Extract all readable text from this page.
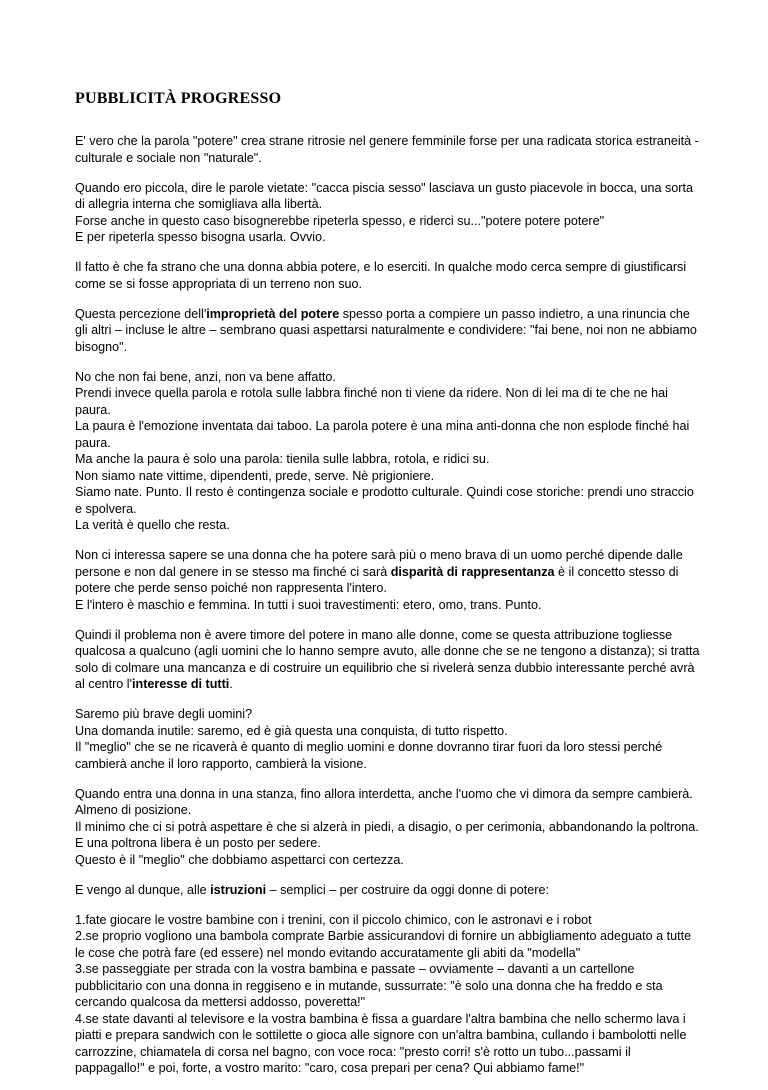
PUBBLICITÀ PROGRESSO

E' vero che la parola "potere" crea strane ritrosie nel genere femminile forse per una radicata storica estraneità - culturale e sociale non "naturale".

Quando ero piccola, dire le parole vietate: "cacca piscia sesso" lasciava un gusto piacevole in bocca, una sorta di allegria interna che somigliava alla libertà.
Forse anche in questo caso bisognerebbe ripeterla spesso, e riderci su..."potere potere potere"
E per ripeterla spesso bisogna usarla. Ovvio.

Il fatto è che fa strano che una donna abbia potere, e lo eserciti. In qualche modo cerca sempre di giustificarsi come se si fosse appropriata di un terreno non suo.

Questa percezione dell'improprietà del potere spesso porta a compiere un passo indietro, a una rinuncia che gli altri – incluse le altre – sembrano quasi aspettarsi naturalmente e condividere: "fai bene, noi non ne abbiamo bisogno".

No che non fai bene, anzi, non va bene affatto.
Prendi invece quella parola e rotola sulle labbra finché non ti viene da ridere. Non di lei ma di te che ne hai paura.
La paura è l'emozione inventata dai taboo. La parola potere è una mina anti-donna che non esplode finché hai paura.
Ma anche la paura è solo una parola: tienila sulle labbra, rotola, e ridici su.
Non siamo nate vittime, dipendenti, prede, serve. Nè prigioniere.
Siamo nate. Punto. Il resto è contingenza sociale e prodotto culturale. Quindi cose storiche: prendi uno straccio e spolvera.
La verità è quello che resta.

Non ci interessa sapere se una donna che ha potere sarà più o meno brava di un uomo perché dipende dalle persone e non dal genere in se stesso ma finché ci sarà disparità di rappresentanza è il concetto stesso di potere che perde senso poiché non rappresenta l'intero.
E l'intero è maschio e femmina. In tutti i suoi travestimenti: etero, omo, trans. Punto.

Quindi il problema non è avere timore del potere in mano alle donne, come se questa attribuzione togliesse qualcosa a qualcuno (agli uomini che lo hanno sempre avuto, alle donne che se ne tengono a distanza); si tratta solo di colmare una mancanza e di costruire un equilibrio che si rivelerà senza dubbio interessante perché avrà al centro l'interesse di tutti.

Saremo più brave degli uomini?
Una domanda inutile: saremo, ed è già questa una conquista, di tutto rispetto.
Il "meglio" che se ne ricaverà è quanto di meglio uomini e donne dovranno tirar fuori da loro stessi perché cambierà anche il loro rapporto, cambierà la visione.

Quando entra una donna in una stanza, fino allora interdetta, anche l'uomo che vi dimora da sempre cambierà.
Almeno di posizione.
Il minimo che ci si potrà aspettare è che si alzerà in piedi, a disagio, o per cerimonia, abbandonando la poltrona. E una poltrona libera è un posto per sedere.
Questo è il "meglio" che dobbiamo aspettarci con certezza.

E vengo al dunque, alle istruzioni – semplici – per costruire da oggi donne di potere:

1.fate giocare le vostre bambine con i trenini, con il piccolo chimico, con le astronavi e i robot
2.se proprio vogliono una bambola comprate Barbie assicurandovi di fornire un abbigliamento adeguato a tutte le cose che potrà fare (ed essere) nel mondo evitando accuratamente gli abiti da "modella"
3.se passeggiate per strada con la vostra bambina e passate – ovviamente – davanti a un cartellone pubblicitario con una donna in reggiseno e in mutande, sussurrate: "è solo una donna che ha freddo e sta cercando qualcosa da mettersi addosso, poveretta!"
4.se state davanti al televisore e la vostra bambina è fissa a guardare l'altra bambina che nello schermo lava i piatti e prepara sandwich con le sottilette o gioca alle signore con un'altra bambina, cullando i bambolotti nelle carrozzine, chiamatela di corsa nel bagno, con voce roca: "presto corri! s'è rotto un tubo...passami il pappagallo!" e poi, forte, a vostro marito: "caro, cosa prepari per cena? Qui abbiamo fame!"
